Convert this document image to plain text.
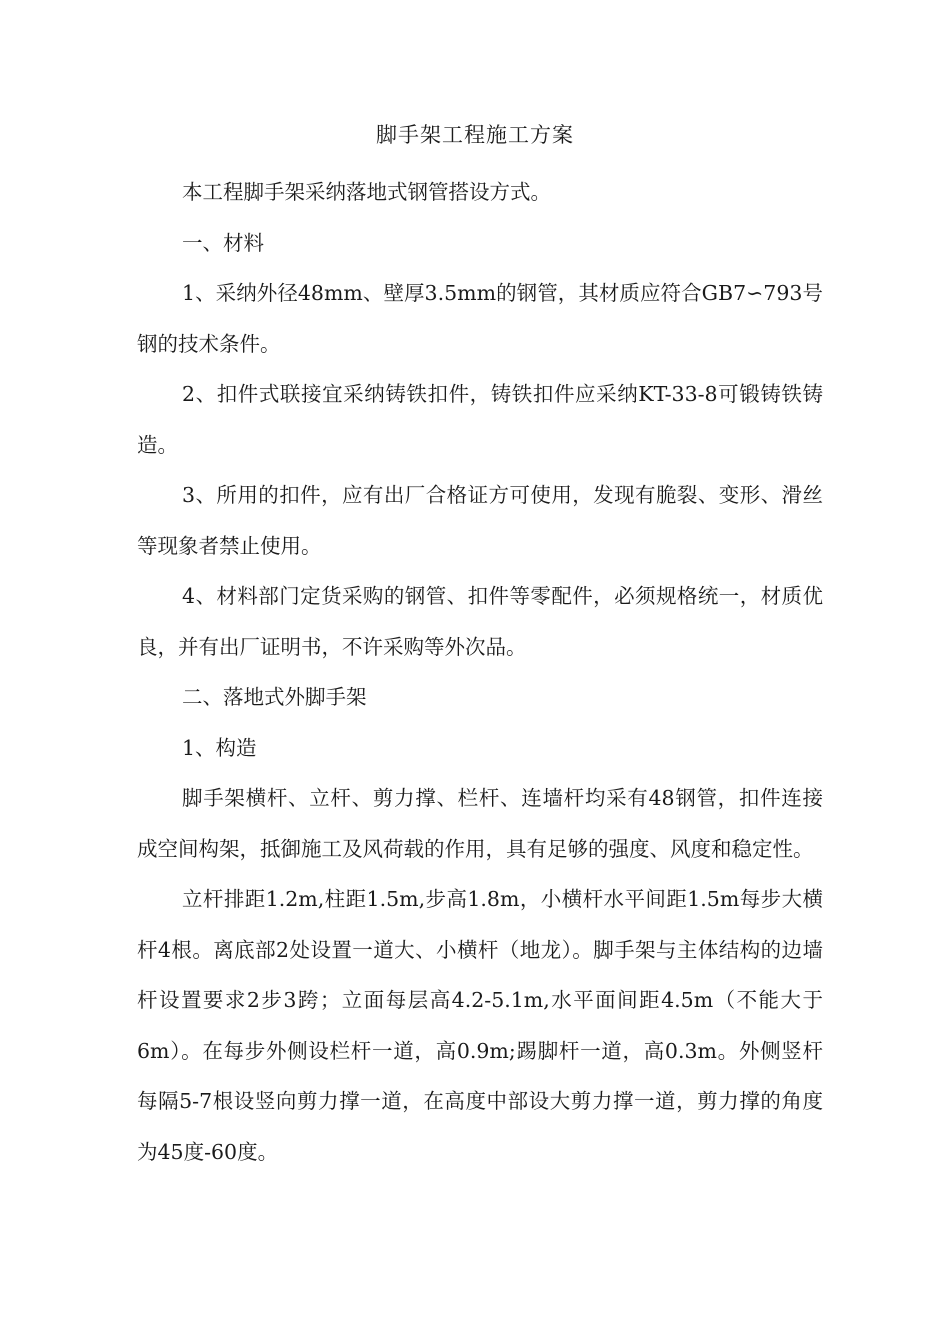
脚手架工程施工方案

本工程脚手架采纳落地式钢管搭设方式。

一、材料

1、采纳外径48mm、壁厚3.5mm的钢管，其材质应符合GB7∽793号钢的技术条件。

2、扣件式联接宜采纳铸铁扣件，铸铁扣件应采纳KT-33-8可锻铸铁铸造。

3、所用的扣件，应有出厂合格证方可使用，发现有脆裂、变形、滑丝等现象者禁止使用。

4、材料部门定货采购的钢管、扣件等零配件，必须规格统一，材质优良，并有出厂证明书，不许采购等外次品。

二、落地式外脚手架

1、构造

脚手架横杆、立杆、剪力撑、栏杆、连墙杆均采有48钢管，扣件连接成空间构架，抵御施工及风荷载的作用，具有足够的强度、风度和稳定性。

立杆排距1.2m,柱距1.5m,步高1.8m，小横杆水平间距1.5m每步大横杆4根。离底部2处设置一道大、小横杆（地龙）。脚手架与主体结构的边墙杆设置要求2步3跨；立面每层高4.2-5.1m,水平面间距4.5m（不能大于6m）。在每步外侧设栏杆一道，高0.9m;踢脚杆一道，高0.3m。外侧竖杆每隔5-7根设竖向剪力撑一道，在高度中部设大剪力撑一道，剪力撑的角度为45度-60度。
